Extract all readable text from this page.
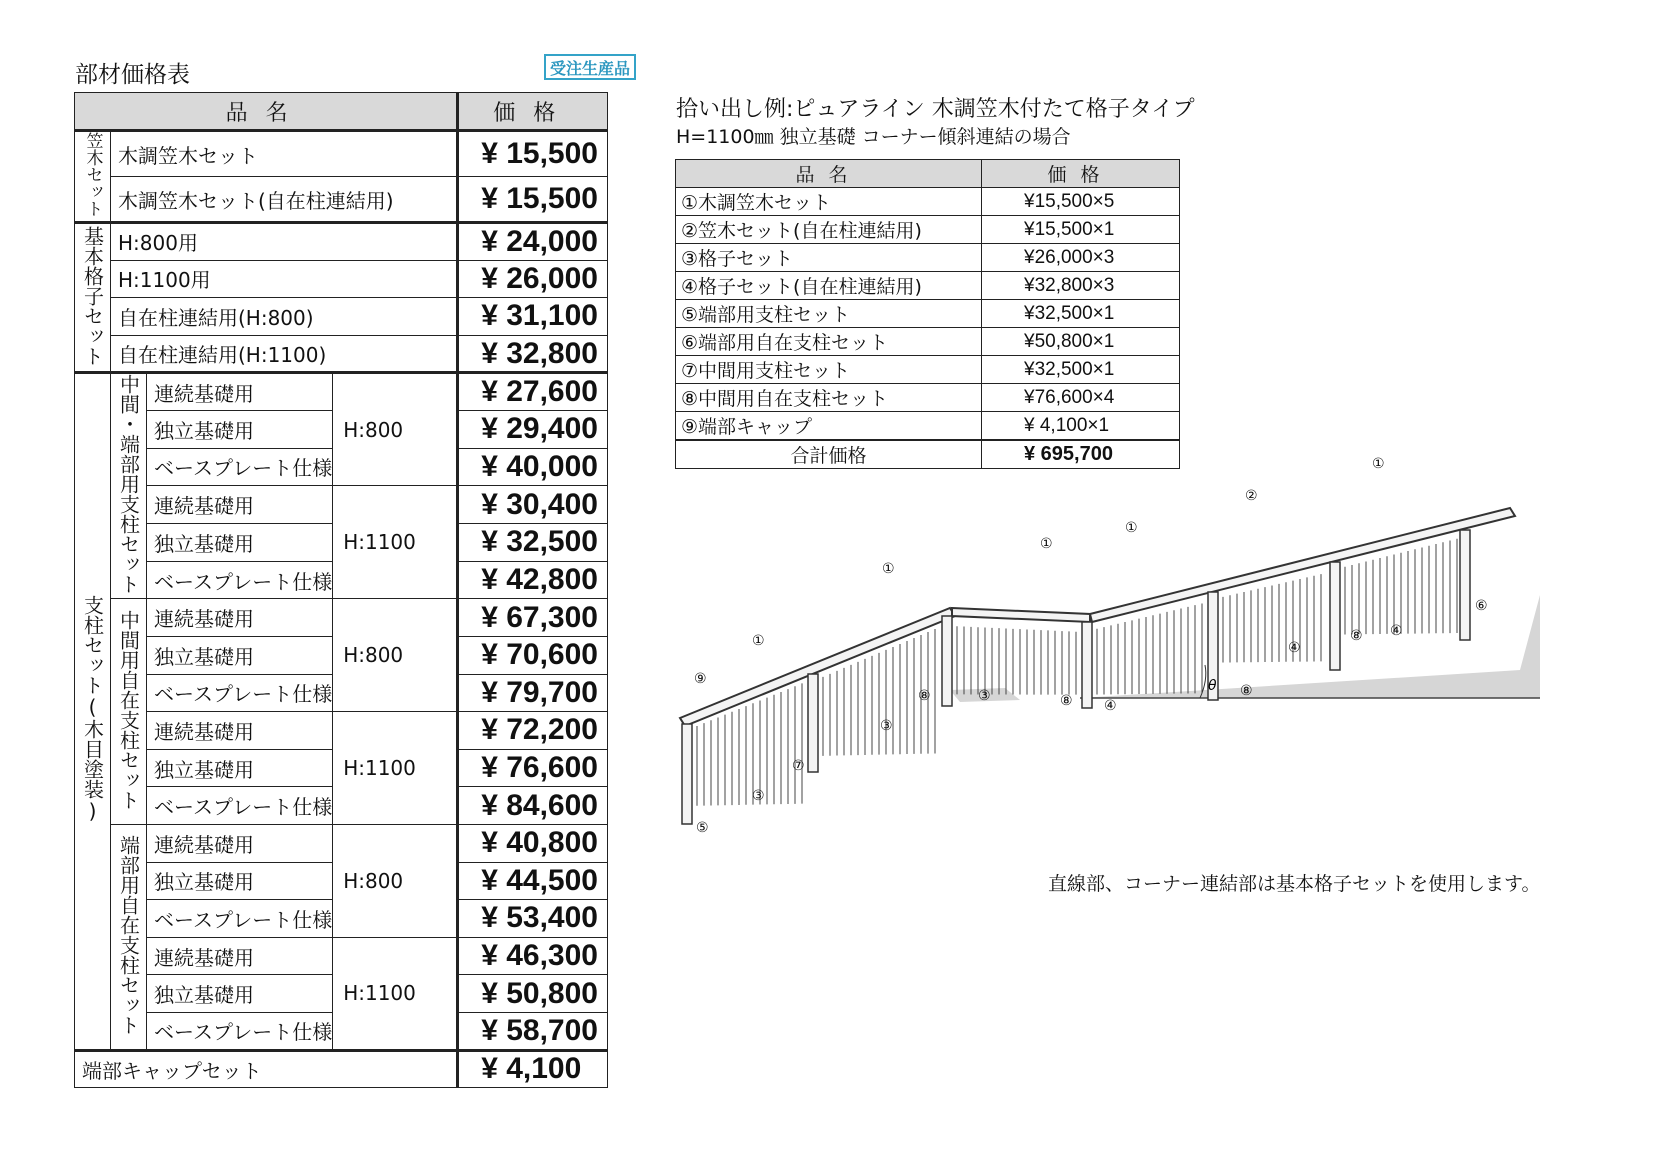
部材価格表	受注生産品
品名				価格
笠木セット	木調笠木セット			¥ 15,500
	木調笠木セット(自在柱連結用)			¥ 15,500
基本格子セット	H:800用			¥ 24,000
	H:1100用			¥ 26,000
	自在柱連結用(H:800)			¥ 31,100
	自在柱連結用(H:1100)			¥ 32,800
支柱セット(木目塗装)	中間・端部用支柱セット	連続基礎用	H:800	¥ 27,600
		独立基礎用		¥ 29,400
		ベースプレート仕様		¥ 40,000
		連続基礎用	H:1100	¥ 30,400
		独立基礎用		¥ 32,500
		ベースプレート仕様		¥ 42,800
	中間用自在支柱セット	連続基礎用	H:800	¥ 67,300
		独立基礎用		¥ 70,600
		ベースプレート仕様		¥ 79,700
		連続基礎用	H:1100	¥ 72,200
		独立基礎用		¥ 76,600
		ベースプレート仕様		¥ 84,600
	端部用自在支柱セット	連続基礎用	H:800	¥ 40,800
		独立基礎用		¥ 44,500
		ベースプレート仕様		¥ 53,400
		連続基礎用	H:1100	¥ 46,300
		独立基礎用		¥ 50,800
		ベースプレート仕様		¥ 58,700
端部キャップセット				¥ 4,100
拾い出し例:ピュアライン 木調笠木付たて格子タイプ
H=1100㎜ 独立基礎 コーナー傾斜連結の場合
品名	価格
①木調笠木セット	¥15,500×5
②笠木セット(自在柱連結用)	¥15,500×1
③格子セット	¥26,000×3
④格子セット(自在柱連結用)	¥32,800×3
⑤端部用支柱セット	¥32,500×1
⑥端部用自在支柱セット	¥50,800×1
⑦中間用支柱セット	¥32,500×1
⑧中間用自在支柱セット	¥76,600×4
⑨端部キャップ	¥ 4,100×1
合計価格	¥ 695,700
θ
①
①
①
①
①
②
③
③
③
④
④
④
⑤
⑥
⑦
⑧	⑧
⑧
⑧
⑨
直線部、コーナー連結部は基本格子セットを使用します。
